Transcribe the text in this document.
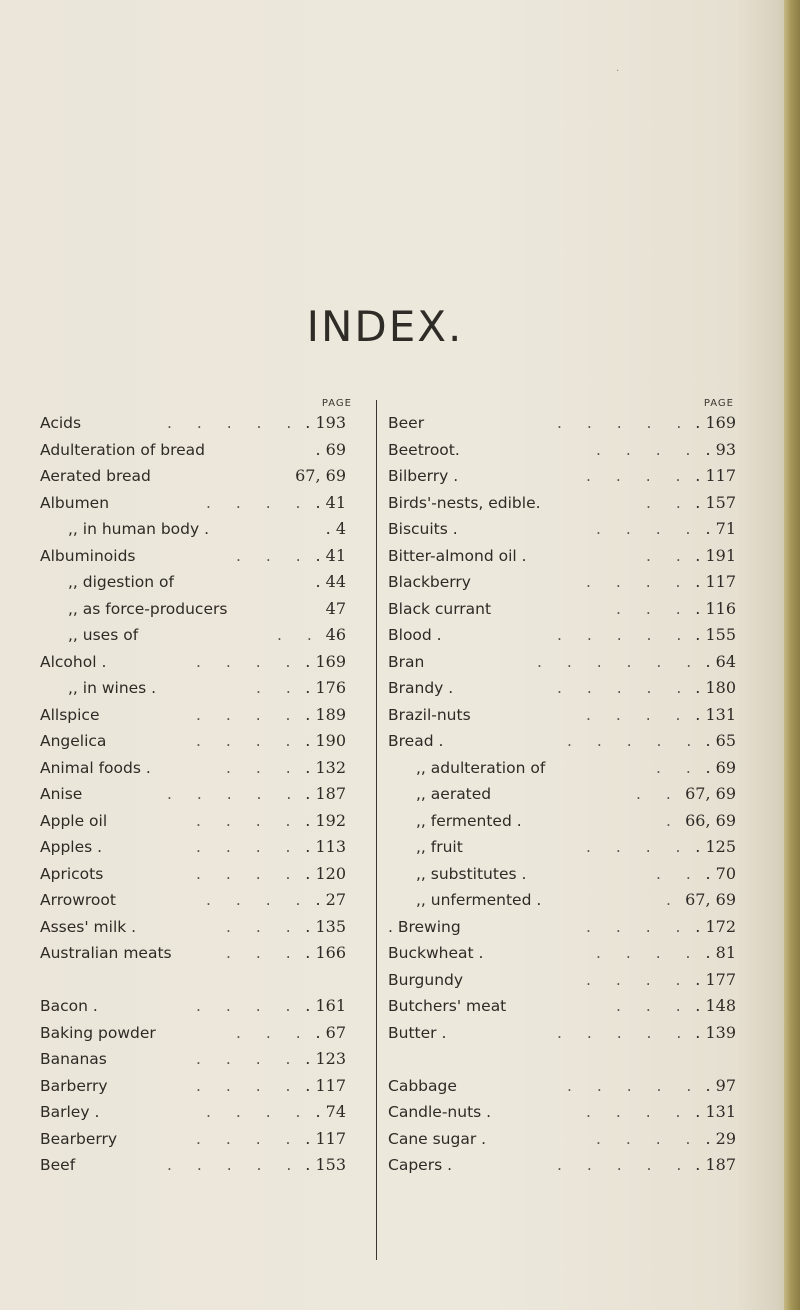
·
INDEX.
PAGE
Acids	. . . . . . 193
Adulteration of bread	. 69
Aerated bread	67, 69
Albumen	. . . . . 41
,, in human body .	. 4
Albuminoids	. . . . 41
,, digestion of	. 44
,, as force-producers	47
,, uses of	. . 46
Alcohol .	. . . . . 169
,, in wines .	. . . 176
Allspice	. . . . . 189
Angelica	. . . . . 190
Animal foods .	. . . . 132
Anise	. . . . . . 187
Apple oil	. . . . . 192
Apples .	. . . . . 113
Apricots	. . . . . 120
Arrowroot	. . . . . 27
Asses' milk .	. . . . 135
Australian meats	. . . . 166
Bacon .	. . . . . 161
Baking powder	. . . . 67
Bananas	. . . . . 123
Barberry	. . . . . 117
Barley .	. . . . . 74
Bearberry	. . . . . 117
Beef	. . . . . . 153
PAGE
Beer	. . . . . . 169
Beetroot.	. . . . . 93
Bilberry .	. . . . . 117
Birds'-nests, edible.	. . . 157
Biscuits .	. . . . . 71
Bitter-almond oil .	. . . 191
Blackberry	. . . . . 117
Black currant	. . . . 116
Blood .	. . . . . . 155
Bran	. . . . . . . 64
Brandy .	. . . . . . 180
Brazil-nuts	. . . . . 131
Bread .	. . . . . . 65
,, adulteration of	. . . 69
,, aerated	. . 67, 69
,, fermented .	. 66, 69
,, fruit	. . . . . 125
,, substitutes .	. . . 70
,, unfermented .	. 67, 69
. Brewing	. . . . . 172
Buckwheat .	. . . . . 81
Burgundy	. . . . . 177
Butchers' meat	. . . . 148
Butter .	. . . . . . 139
Cabbage	. . . . . . 97
Candle-nuts .	. . . . . 131
Cane sugar .	. . . . . 29
Capers .	. . . . . . 187
